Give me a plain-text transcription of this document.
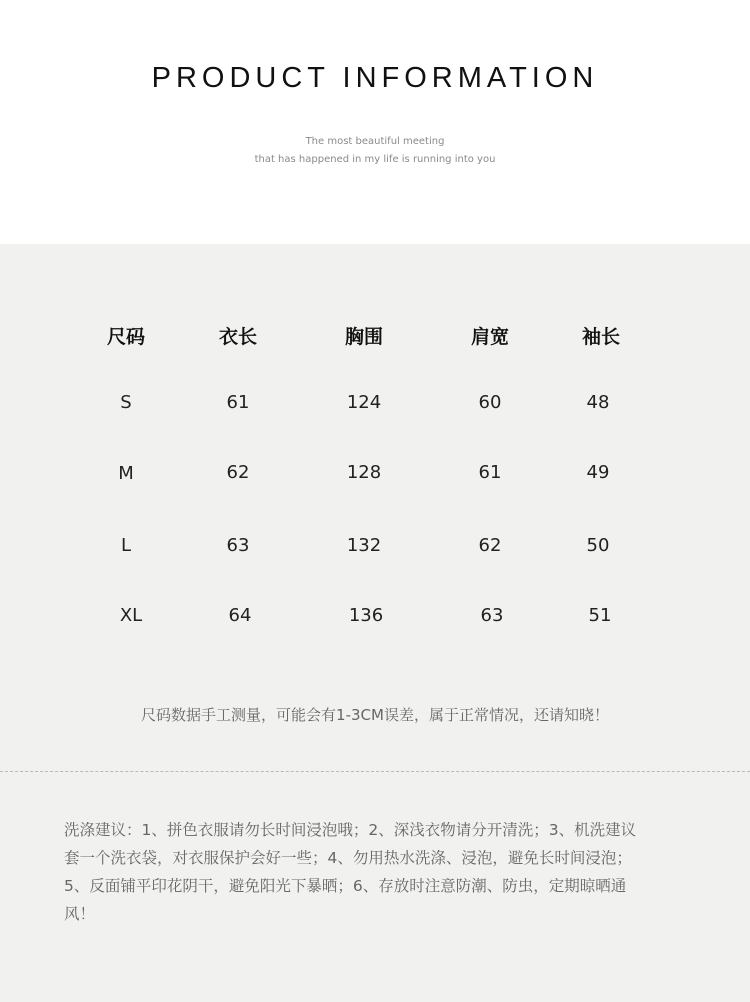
PRODUCT INFORMATION
The most beautiful meeting
that has happened in my life is running into you
尺码	衣长	胸围	肩宽	袖长
S	61	124	60	48
M	62	128	61	49
L	63	132	62	50
XL	64	136	63	51
尺码数据手工测量，可能会有1-3CM误差，属于正常情况，还请知晓！
洗涤建议：1、拼色衣服请勿长时间浸泡哦；2、深浅衣物请分开清洗；3、机洗建议
套一个洗衣袋，对衣服保护会好一些；4、勿用热水洗涤、浸泡，避免长时间浸泡；
5、反面铺平印花阴干，避免阳光下暴晒；6、存放时注意防潮、防虫，定期晾晒通
风！
